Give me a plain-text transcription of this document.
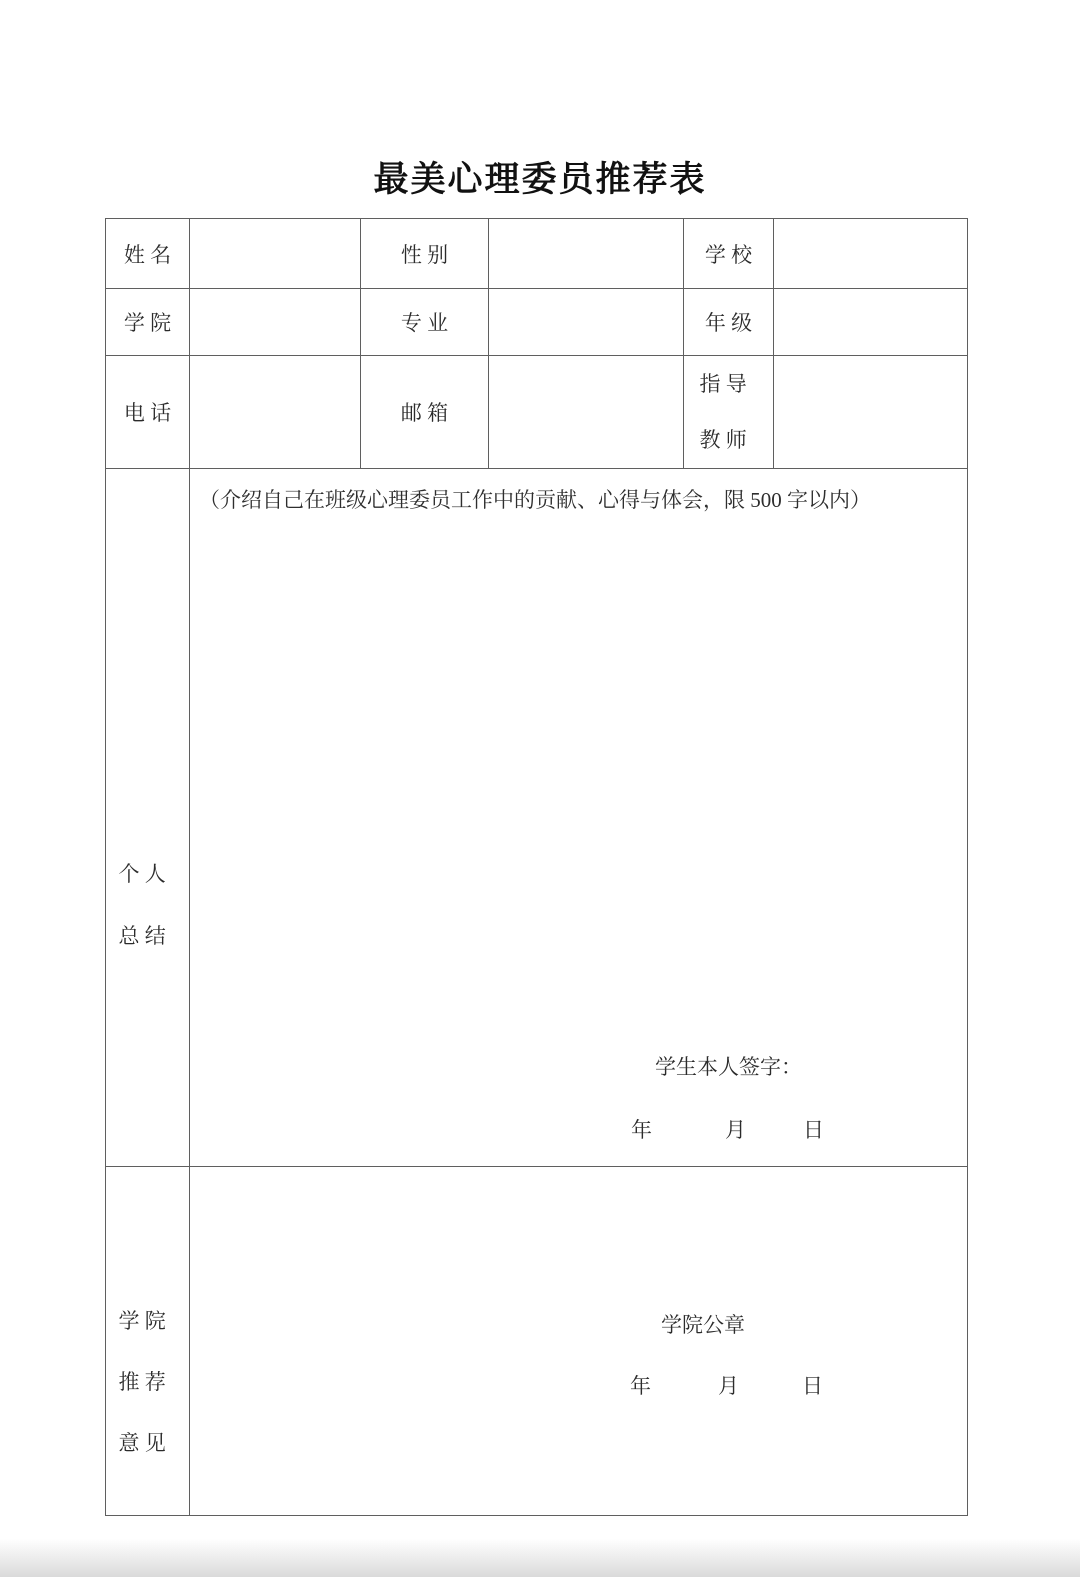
最美心理委员推荐表
姓名		性别		学校	
学院		专业		年级	
电话		邮箱		指导教师	

个人总结	（介绍自己在班级心理委员工作中的贡献、心得与体会，限 500 字以内）
学生本人签字：
年 月 日				

学院推荐意见	学院公章
年 月 日				
